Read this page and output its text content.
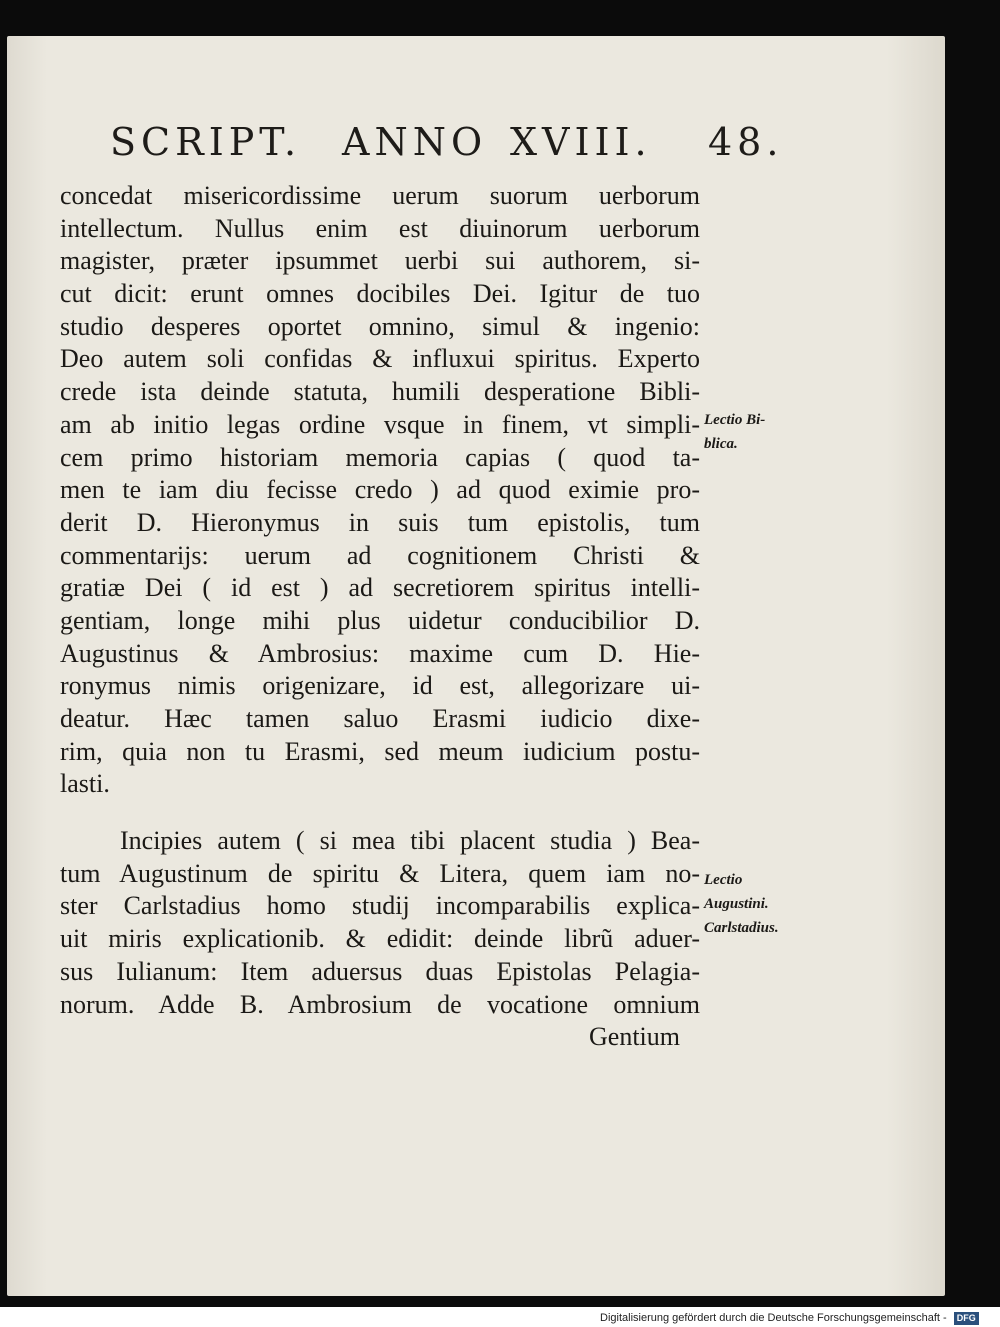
SCRIPT. ANNO XVIII. 48.
concedat misericordissime uerum suorum uerborum
intellectum. Nullus enim est diuinorum uerborum
magister, præter ipsummet uerbi sui authorem, si-
cut dicit: erunt omnes docibiles Dei. Igitur de tuo
studio desperes oportet omnino, simul & ingenio:
Deo autem soli confidas & influxui spiritus. Experto
crede ista deinde statuta, humili desperatione Bibli-
am ab initio legas ordine vsque in finem, vt simpli-
cem primo historiam memoria capias ( quod ta-
men te iam diu fecisse credo ) ad quod eximie pro-
derit D. Hieronymus in suis tum epistolis, tum
commentarijs: uerum ad cognitionem Christi &
gratiæ Dei ( id est ) ad secretiorem spiritus intelli-
gentiam, longe mihi plus uidetur conducibilior D.
Augustinus & Ambrosius: maxime cum D. Hie-
ronymus nimis origenizare, id est, allegorizare ui-
deatur. Hæc tamen saluo Erasmi iudicio dixe-
rim, quia non tu Erasmi, sed meum iudicium postu-
lasti.
Incipies autem ( si mea tibi placent studia ) Bea-
tum Augustinum de spiritu & Litera, quem iam no-
ster Carlstadius homo studij incomparabilis explica-
uit miris explicationib. & edidit: deinde librũ aduer-
sus Iulianum: Item aduersus duas Epistolas Pelagia-
norum. Adde B. Ambrosium de vocatione omnium
Gentium
Lectio Bi-
blica.
Lectio
Augustini.
Carlstadius.
Digitalisierung gefördert durch die Deutsche Forschungsgemeinschaft - DFG
